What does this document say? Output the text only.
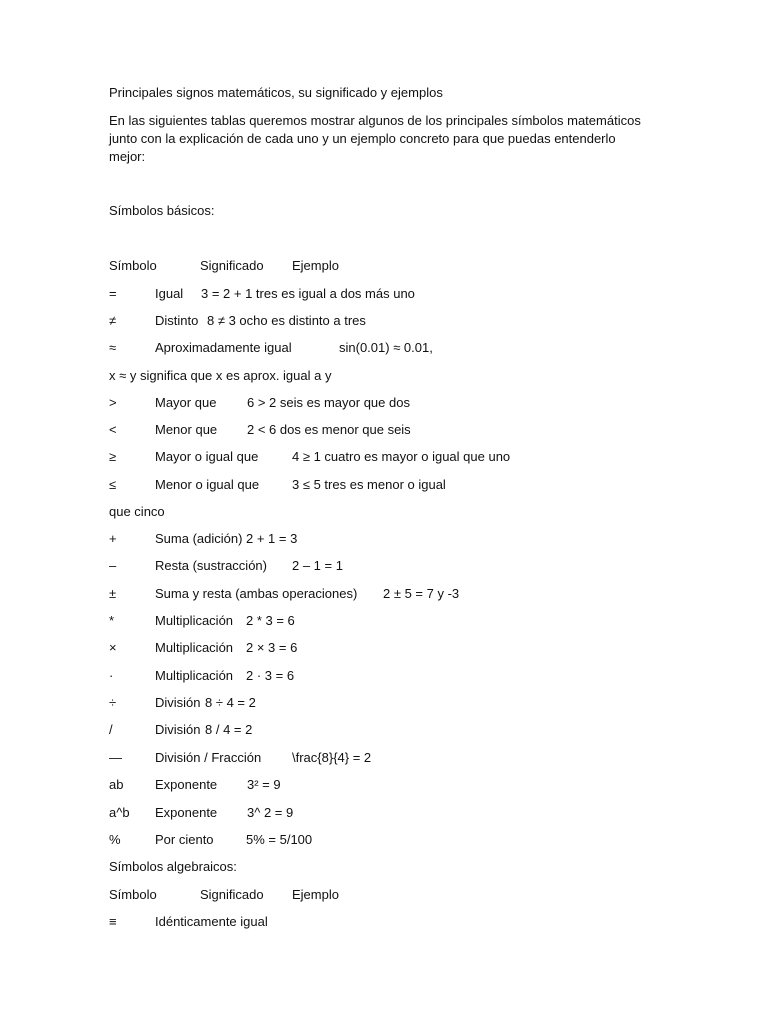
Principales signos matemáticos, su significado y ejemplos
En las siguientes tablas queremos mostrar algunos de los principales símbolos matemáticos
junto con la explicación de cada uno y un ejemplo concreto para que puedas entenderlo
mejor:
Símbolos básicos:
Símbolo	Significado Ejemplo
=	Igual 3 = 2 + 1 tres es igual a dos más uno
≠	Distinto 8 ≠ 3 ocho es distinto a tres
≈	Aproximadamente igual	sin(0.01) ≈ 0.01,
x ≈ y significa que x es aprox. igual a y
>	Mayor que 6 > 2 seis es mayor que dos
<	Menor que 2 < 6 dos es menor que seis
≥	Mayor o igual que	4 ≥ 1 cuatro es mayor o igual que uno
≤	Menor o igual que	3 ≤ 5 tres es menor o igual
que cinco
+	Suma (adición) 2 + 1 = 3
–	Resta (sustracción) 2 – 1 = 1
±	Suma y resta (ambas operaciones) 2 ± 5 = 7 y -3
*	Multiplicación 2 * 3 = 6
×	Multiplicación 2 × 3 = 6
·	Multiplicación 2 · 3 = 6
÷	División 8 ÷ 4 = 2
/	División 8 / 4 = 2
—	División / Fracción \frac{8}{4} = 2
ab Exponente 3² = 9
a^b Exponente 3^ 2 = 9
%	Por ciento 5% = 5/100
Símbolos algebraicos:
Símbolo	Significado Ejemplo
≡	Idénticamente igual
